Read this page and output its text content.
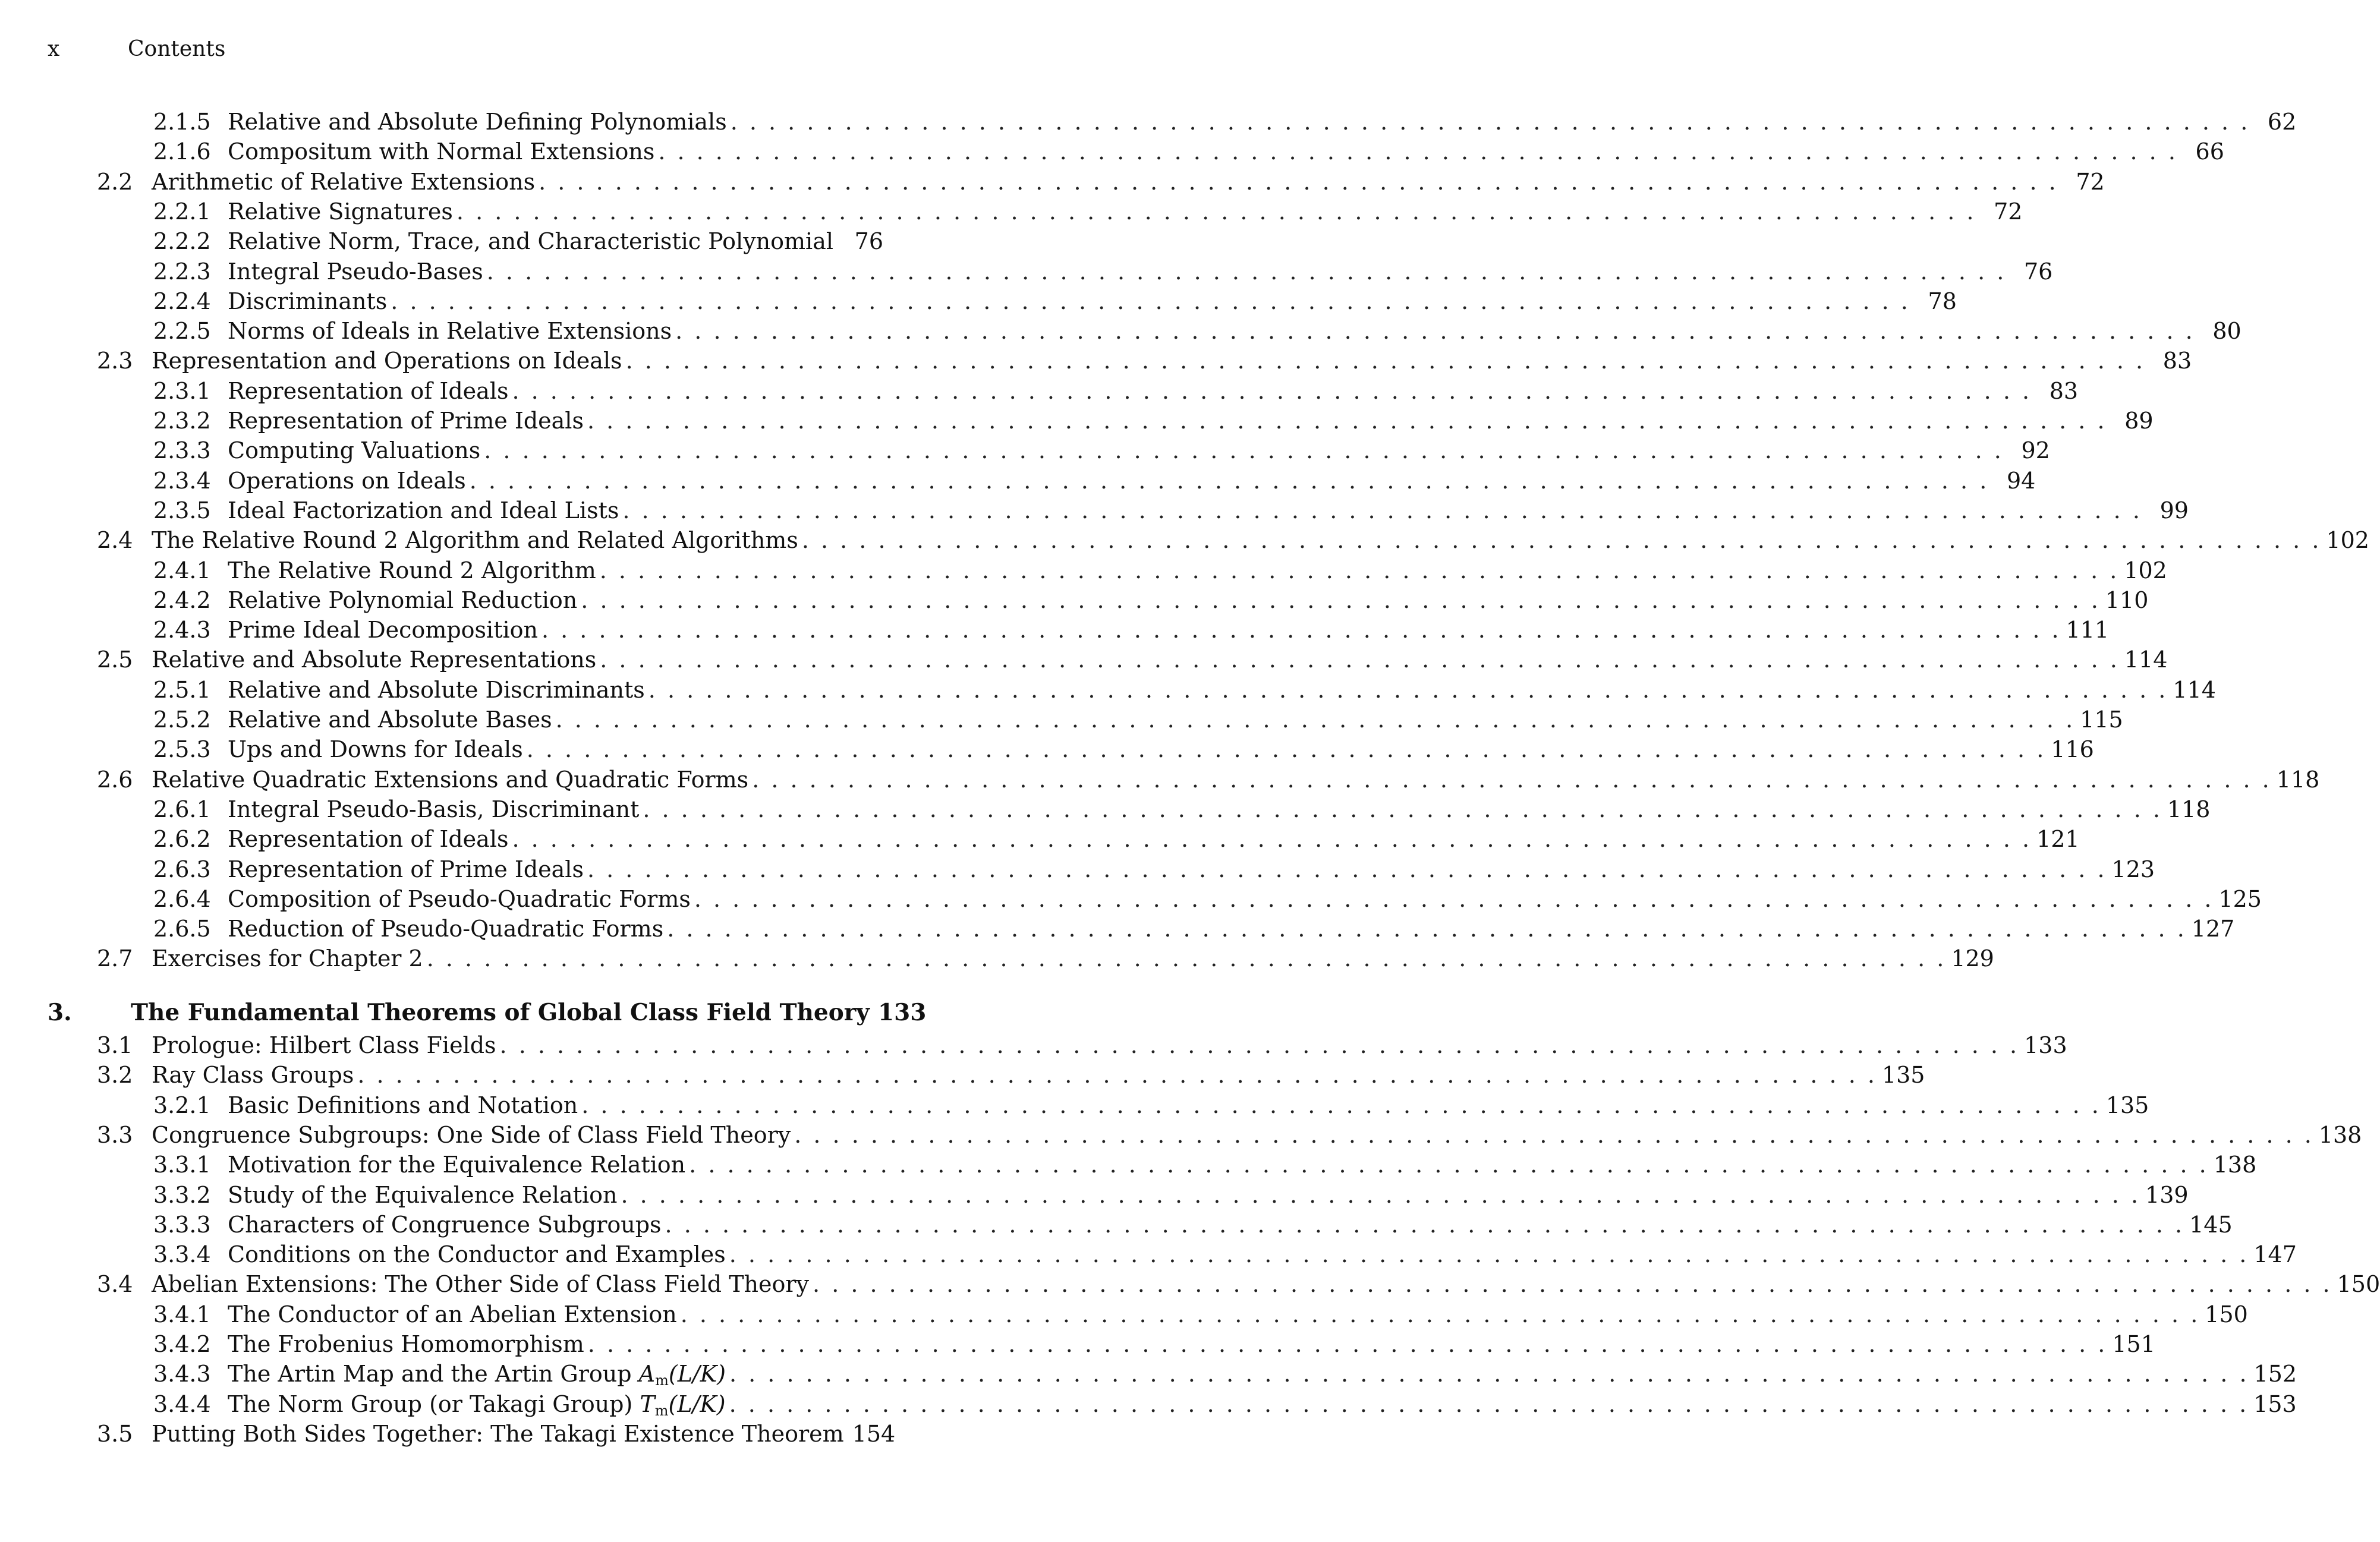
x	Contents
2.1.5 Relative and Absolute Defining Polynomials . . . . . . . . . . . . . . . . . . . . . . . . . . . . . . . . . . . . . . . . . . . . . . . . . . . . . . . . . . . . . . . . . . . . . . . . . . . . . . . . 62
2.1.6 Compositum with Normal Extensions . . . . . . . . . . . . . . . . . . . . . . . . . . . . . . . . . . . . . . . . . . . . . . . . . . . . . . . . . . . . . . . . . . . . . . . . . . . . . . . . 66
2.2 Arithmetic of Relative Extensions . . . . . . . . . . . . . . . . . . . . . . . . . . . . . . . . . . . . . . . . . . . . . . . . . . . . . . . . . . . . . . . . . . . . . . . . . . . . . . . . 72
2.2.1 Relative Signatures . . . . . . . . . . . . . . . . . . . . . . . . . . . . . . . . . . . . . . . . . . . . . . . . . . . . . . . . . . . . . . . . . . . . . . . . . . . . . . . . 72
2.2.2 Relative Norm, Trace, and Characteristic Polynomial 76
2.2.3 Integral Pseudo-Bases . . . . . . . . . . . . . . . . . . . . . . . . . . . . . . . . . . . . . . . . . . . . . . . . . . . . . . . . . . . . . . . . . . . . . . . . . . . . . . . . 76
2.2.4 Discriminants . . . . . . . . . . . . . . . . . . . . . . . . . . . . . . . . . . . . . . . . . . . . . . . . . . . . . . . . . . . . . . . . . . . . . . . . . . . . . . . . 78
2.2.5 Norms of Ideals in Relative Extensions . . . . . . . . . . . . . . . . . . . . . . . . . . . . . . . . . . . . . . . . . . . . . . . . . . . . . . . . . . . . . . . . . . . . . . . . . . . . . . . . 80
2.3 Representation and Operations on Ideals . . . . . . . . . . . . . . . . . . . . . . . . . . . . . . . . . . . . . . . . . . . . . . . . . . . . . . . . . . . . . . . . . . . . . . . . . . . . . . . . 83
2.3.1 Representation of Ideals . . . . . . . . . . . . . . . . . . . . . . . . . . . . . . . . . . . . . . . . . . . . . . . . . . . . . . . . . . . . . . . . . . . . . . . . . . . . . . . . 83
2.3.2 Representation of Prime Ideals . . . . . . . . . . . . . . . . . . . . . . . . . . . . . . . . . . . . . . . . . . . . . . . . . . . . . . . . . . . . . . . . . . . . . . . . . . . . . . . . 89
2.3.3 Computing Valuations . . . . . . . . . . . . . . . . . . . . . . . . . . . . . . . . . . . . . . . . . . . . . . . . . . . . . . . . . . . . . . . . . . . . . . . . . . . . . . . . 92
2.3.4 Operations on Ideals . . . . . . . . . . . . . . . . . . . . . . . . . . . . . . . . . . . . . . . . . . . . . . . . . . . . . . . . . . . . . . . . . . . . . . . . . . . . . . . . 94
2.3.5 Ideal Factorization and Ideal Lists . . . . . . . . . . . . . . . . . . . . . . . . . . . . . . . . . . . . . . . . . . . . . . . . . . . . . . . . . . . . . . . . . . . . . . . . . . . . . . . . 99
2.4 The Relative Round 2 Algorithm and Related Algorithms . . . . . . . . . . . . . . . . . . . . . . . . . . . . . . . . . . . . . . . . . . . . . . . . . . . . . . . . . . . . . . . . . . . . . . . . . . . . . . . . 102
2.4.1 The Relative Round 2 Algorithm . . . . . . . . . . . . . . . . . . . . . . . . . . . . . . . . . . . . . . . . . . . . . . . . . . . . . . . . . . . . . . . . . . . . . . . . . . . . . . . . 102
2.4.2 Relative Polynomial Reduction . . . . . . . . . . . . . . . . . . . . . . . . . . . . . . . . . . . . . . . . . . . . . . . . . . . . . . . . . . . . . . . . . . . . . . . . . . . . . . . . 110
2.4.3 Prime Ideal Decomposition . . . . . . . . . . . . . . . . . . . . . . . . . . . . . . . . . . . . . . . . . . . . . . . . . . . . . . . . . . . . . . . . . . . . . . . . . . . . . . . . 111
2.5 Relative and Absolute Representations . . . . . . . . . . . . . . . . . . . . . . . . . . . . . . . . . . . . . . . . . . . . . . . . . . . . . . . . . . . . . . . . . . . . . . . . . . . . . . . . 114
2.5.1 Relative and Absolute Discriminants . . . . . . . . . . . . . . . . . . . . . . . . . . . . . . . . . . . . . . . . . . . . . . . . . . . . . . . . . . . . . . . . . . . . . . . . . . . . . . . . 114
2.5.2 Relative and Absolute Bases . . . . . . . . . . . . . . . . . . . . . . . . . . . . . . . . . . . . . . . . . . . . . . . . . . . . . . . . . . . . . . . . . . . . . . . . . . . . . . . . 115
2.5.3 Ups and Downs for Ideals . . . . . . . . . . . . . . . . . . . . . . . . . . . . . . . . . . . . . . . . . . . . . . . . . . . . . . . . . . . . . . . . . . . . . . . . . . . . . . . . 116
2.6 Relative Quadratic Extensions and Quadratic Forms . . . . . . . . . . . . . . . . . . . . . . . . . . . . . . . . . . . . . . . . . . . . . . . . . . . . . . . . . . . . . . . . . . . . . . . . . . . . . . . . 118
2.6.1 Integral Pseudo-Basis, Discriminant . . . . . . . . . . . . . . . . . . . . . . . . . . . . . . . . . . . . . . . . . . . . . . . . . . . . . . . . . . . . . . . . . . . . . . . . . . . . . . . . 118
2.6.2 Representation of Ideals . . . . . . . . . . . . . . . . . . . . . . . . . . . . . . . . . . . . . . . . . . . . . . . . . . . . . . . . . . . . . . . . . . . . . . . . . . . . . . . . 121
2.6.3 Representation of Prime Ideals . . . . . . . . . . . . . . . . . . . . . . . . . . . . . . . . . . . . . . . . . . . . . . . . . . . . . . . . . . . . . . . . . . . . . . . . . . . . . . . . 123
2.6.4 Composition of Pseudo-Quadratic Forms . . . . . . . . . . . . . . . . . . . . . . . . . . . . . . . . . . . . . . . . . . . . . . . . . . . . . . . . . . . . . . . . . . . . . . . . . . . . . . . . 125
2.6.5 Reduction of Pseudo-Quadratic Forms . . . . . . . . . . . . . . . . . . . . . . . . . . . . . . . . . . . . . . . . . . . . . . . . . . . . . . . . . . . . . . . . . . . . . . . . . . . . . . . . 127
2.7 Exercises for Chapter 2 . . . . . . . . . . . . . . . . . . . . . . . . . . . . . . . . . . . . . . . . . . . . . . . . . . . . . . . . . . . . . . . . . . . . . . . . . . . . . . . . 129
3.	The Fundamental Theorems of Global Class Field Theory 133
3.1 Prologue: Hilbert Class Fields . . . . . . . . . . . . . . . . . . . . . . . . . . . . . . . . . . . . . . . . . . . . . . . . . . . . . . . . . . . . . . . . . . . . . . . . . . . . . . . . 133
3.2 Ray Class Groups . . . . . . . . . . . . . . . . . . . . . . . . . . . . . . . . . . . . . . . . . . . . . . . . . . . . . . . . . . . . . . . . . . . . . . . . . . . . . . . . 135
3.2.1 Basic Definitions and Notation . . . . . . . . . . . . . . . . . . . . . . . . . . . . . . . . . . . . . . . . . . . . . . . . . . . . . . . . . . . . . . . . . . . . . . . . . . . . . . . . 135
3.3 Congruence Subgroups: One Side of Class Field Theory . . . . . . . . . . . . . . . . . . . . . . . . . . . . . . . . . . . . . . . . . . . . . . . . . . . . . . . . . . . . . . . . . . . . . . . . . . . . . . . . 138
3.3.1 Motivation for the Equivalence Relation . . . . . . . . . . . . . . . . . . . . . . . . . . . . . . . . . . . . . . . . . . . . . . . . . . . . . . . . . . . . . . . . . . . . . . . . . . . . . . . . 138
3.3.2 Study of the Equivalence Relation . . . . . . . . . . . . . . . . . . . . . . . . . . . . . . . . . . . . . . . . . . . . . . . . . . . . . . . . . . . . . . . . . . . . . . . . . . . . . . . . 139
3.3.3 Characters of Congruence Subgroups . . . . . . . . . . . . . . . . . . . . . . . . . . . . . . . . . . . . . . . . . . . . . . . . . . . . . . . . . . . . . . . . . . . . . . . . . . . . . . . . 145
3.3.4 Conditions on the Conductor and Examples . . . . . . . . . . . . . . . . . . . . . . . . . . . . . . . . . . . . . . . . . . . . . . . . . . . . . . . . . . . . . . . . . . . . . . . . . . . . . . . . 147
3.4 Abelian Extensions: The Other Side of Class Field Theory . . . . . . . . . . . . . . . . . . . . . . . . . . . . . . . . . . . . . . . . . . . . . . . . . . . . . . . . . . . . . . . . . . . . . . . . . . . . . . . . 150
3.4.1 The Conductor of an Abelian Extension . . . . . . . . . . . . . . . . . . . . . . . . . . . . . . . . . . . . . . . . . . . . . . . . . . . . . . . . . . . . . . . . . . . . . . . . . . . . . . . . 150
3.4.2 The Frobenius Homomorphism . . . . . . . . . . . . . . . . . . . . . . . . . . . . . . . . . . . . . . . . . . . . . . . . . . . . . . . . . . . . . . . . . . . . . . . . . . . . . . . . 151
3.4.3 The Artin Map and the Artin Group $A_m(L/K)$ . . . . . . . . . . . . . . . . . . . . . . . . . . . . . . . . . . . . . . . . . . . . . . . . . . . . . . . . . . . . . . . . . . . . . . . . . . . . . . . . 152
3.4.4 The Norm Group (or Takagi Group) $T_m(L/K)$ . . . . . . . . . . . . . . . . . . . . . . . . . . . . . . . . . . . . . . . . . . . . . . . . . . . . . . . . . . . . . . . . . . . . . . . . . . . . . . . . 153
3.5 Putting Both Sides Together: The Takagi Existence Theorem 154
